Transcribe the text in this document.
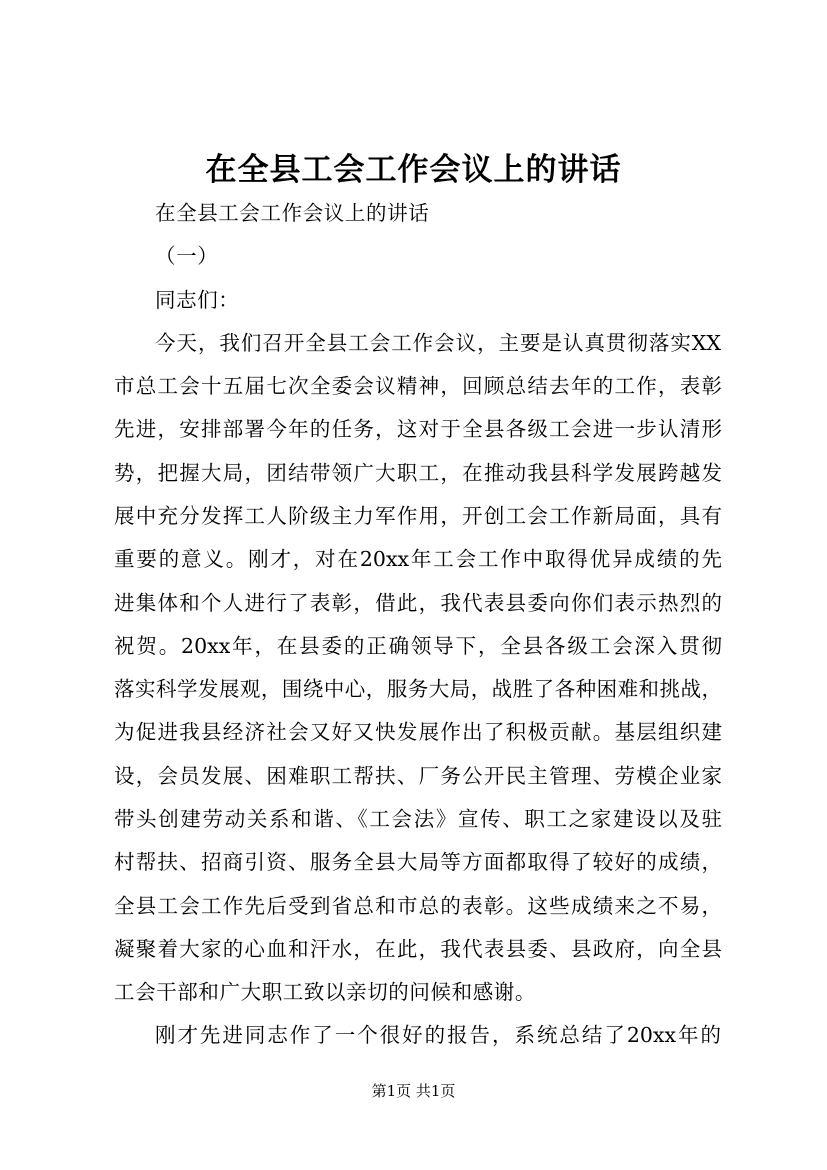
在全县工会工作会议上的讲话
在全县工会工作会议上的讲话
（一）
同志们：
今天，我们召开全县工会工作会议，主要是认真贯彻落实XX
市总工会十五届七次全委会议精神，回顾总结去年的工作，表彰
先进，安排部署今年的任务，这对于全县各级工会进一步认清形
势，把握大局，团结带领广大职工，在推动我县科学发展跨越发
展中充分发挥工人阶级主力军作用，开创工会工作新局面，具有
重要的意义。刚才，对在20xx年工会工作中取得优异成绩的先
进集体和个人进行了表彰，借此，我代表县委向你们表示热烈的
祝贺。20xx年，在县委的正确领导下，全县各级工会深入贯彻
落实科学发展观，围绕中心，服务大局，战胜了各种困难和挑战，
为促进我县经济社会又好又快发展作出了积极贡献。基层组织建
设，会员发展、困难职工帮扶、厂务公开民主管理、劳模企业家
带头创建劳动关系和谐、《工会法》宣传、职工之家建设以及驻
村帮扶、招商引资、服务全县大局等方面都取得了较好的成绩，
全县工会工作先后受到省总和市总的表彰。这些成绩来之不易，
凝聚着大家的心血和汗水，在此，我代表县委、县政府，向全县
工会干部和广大职工致以亲切的问候和感谢。
刚才先进同志作了一个很好的报告，系统总结了20xx年的
第1页 共1页
